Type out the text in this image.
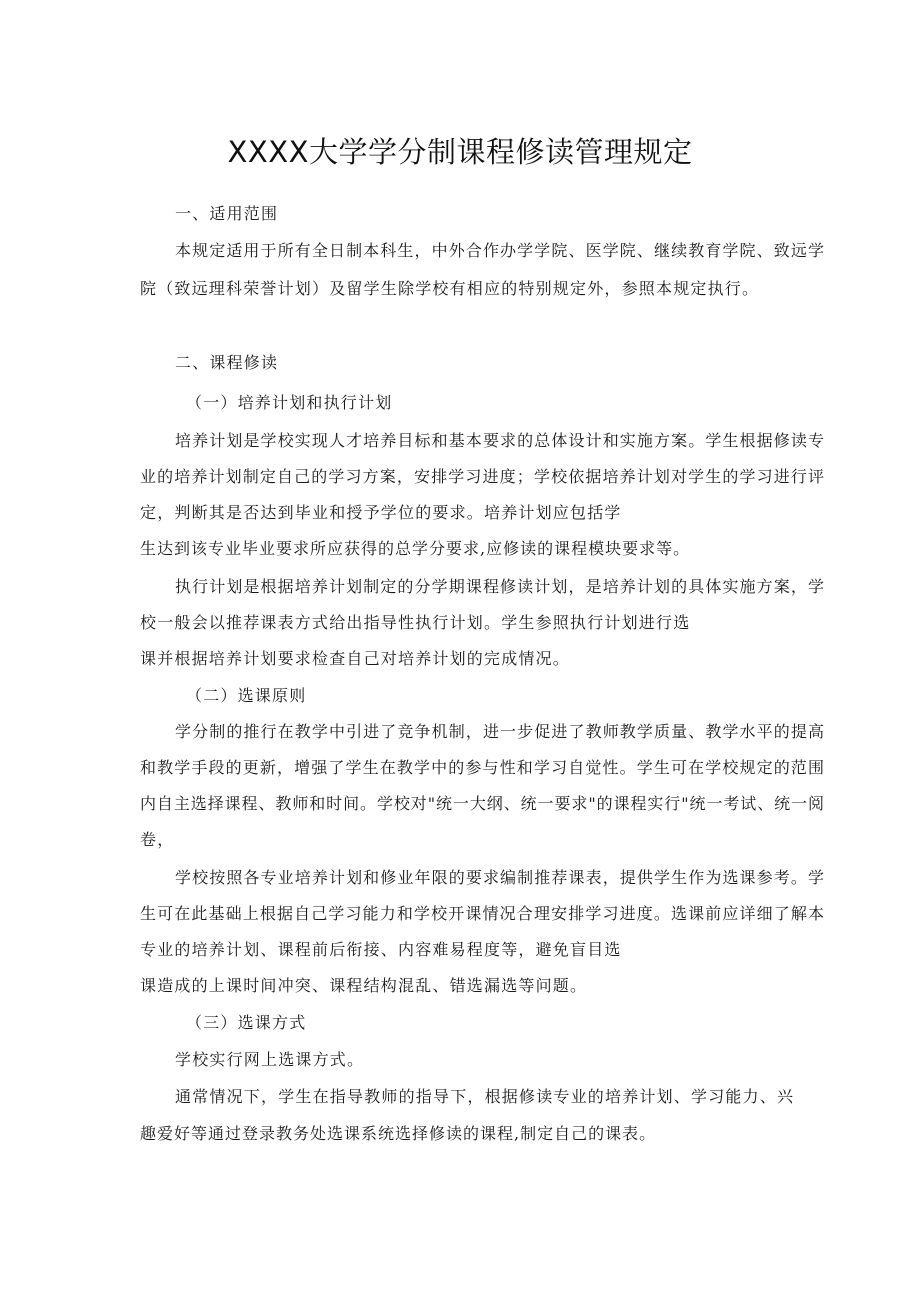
XXXX大学学分制课程修读管理规定
一、适用范围
本规定适用于所有全日制本科生，中外合作办学学院、医学院、继续教育学院、致远学
院（致远理科荣誉计划）及留学生除学校有相应的特别规定外，参照本规定执行。
二、课程修读
（一）培养计划和执行计划
培养计划是学校实现人才培养目标和基本要求的总体设计和实施方案。学生根据修读专
业的培养计划制定自己的学习方案，安排学习进度；学校依据培养计划对学生的学习进行评
定，判断其是否达到毕业和授予学位的要求。培养计划应包括学
生达到该专业毕业要求所应获得的总学分要求,应修读的课程模块要求等。
执行计划是根据培养计划制定的分学期课程修读计划，是培养计划的具体实施方案，学
校一般会以推荐课表方式给出指导性执行计划。学生参照执行计划进行选
课并根据培养计划要求检查自己对培养计划的完成情况。
（二）选课原则
学分制的推行在教学中引进了竞争机制，进一步促进了教师教学质量、教学水平的提高
和教学手段的更新，增强了学生在教学中的参与性和学习自觉性。学生可在学校规定的范围
内自主选择课程、教师和时间。学校对"统一大纲、统一要求"的课程实行"统一考试、统一阅
卷，
学校按照各专业培养计划和修业年限的要求编制推荐课表，提供学生作为选课参考。学
生可在此基础上根据自己学习能力和学校开课情况合理安排学习进度。选课前应详细了解本
专业的培养计划、课程前后衔接、内容难易程度等，避免盲目选
课造成的上课时间冲突、课程结构混乱、错选漏选等问题。
（三）选课方式
学校实行网上选课方式。
通常情况下，学生在指导教师的指导下，根据修读专业的培养计划、学习能力、兴
趣爱好等通过登录教务处选课系统选择修读的课程,制定自己的课表。
